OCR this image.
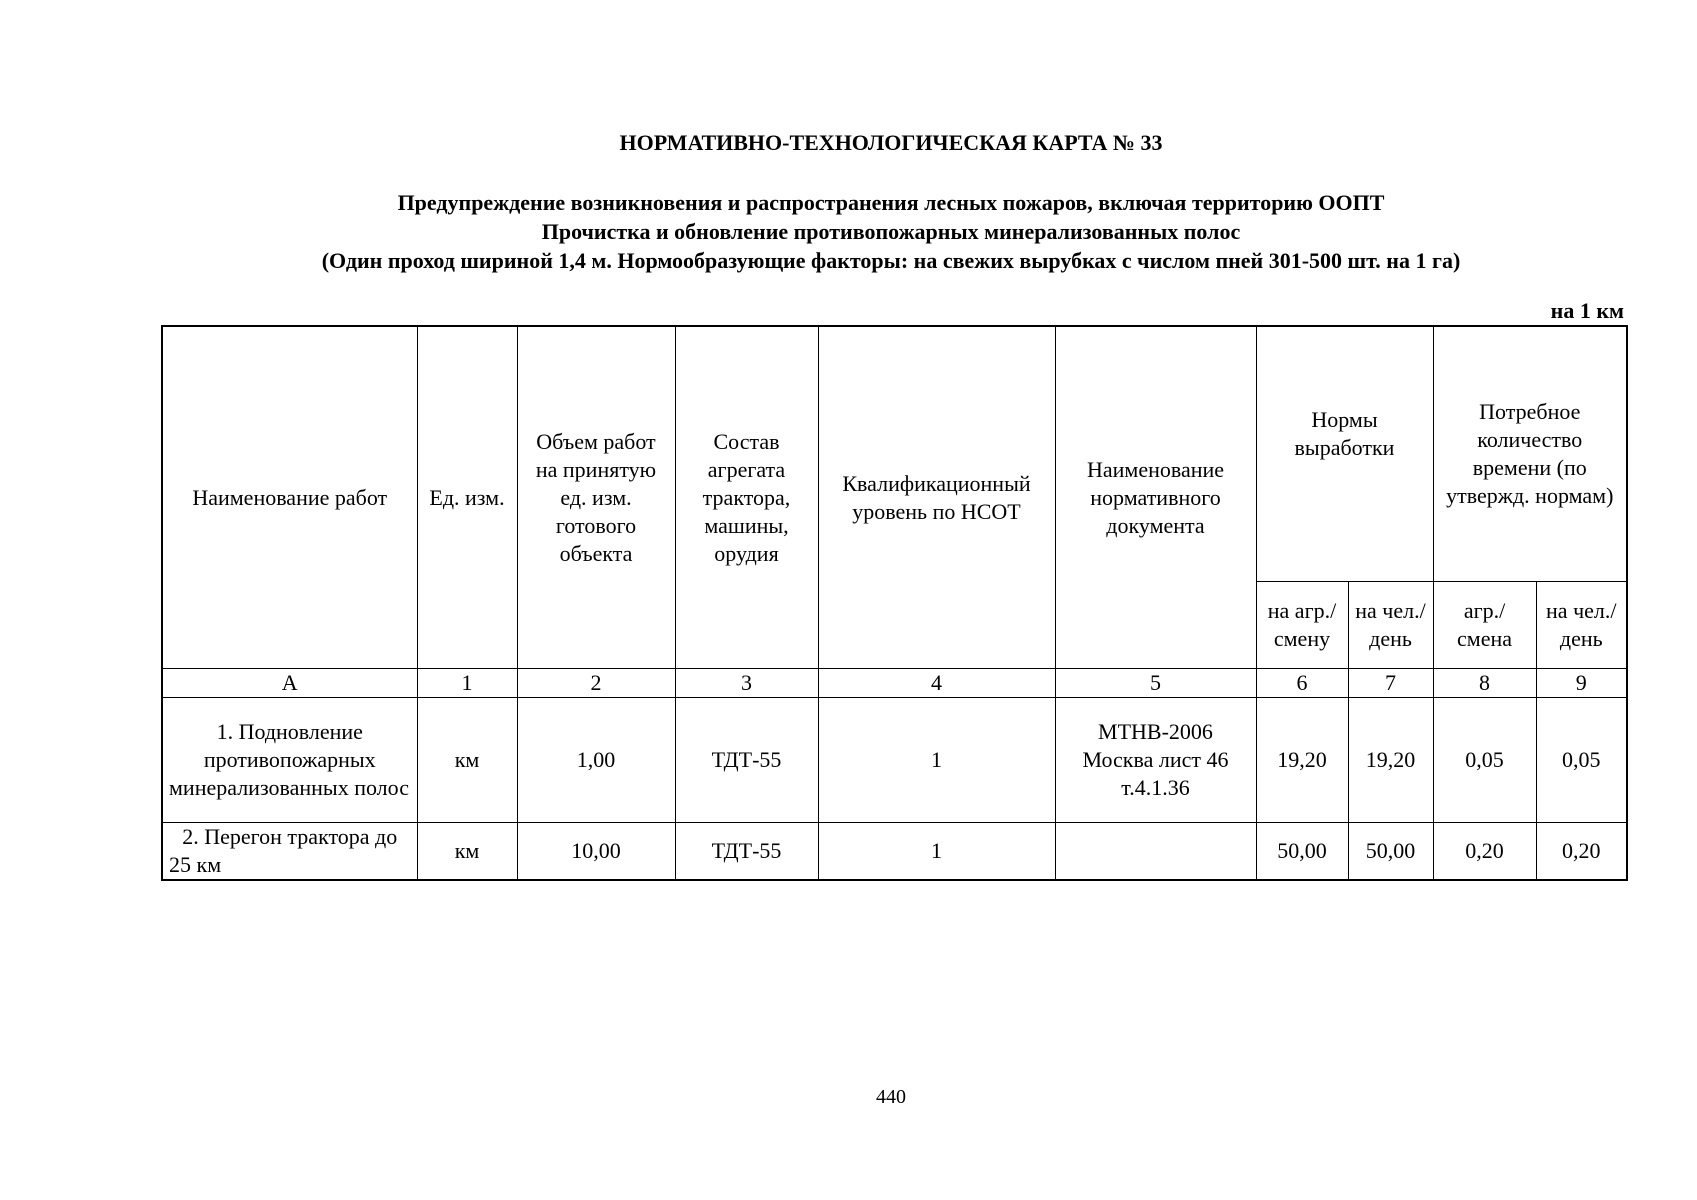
НОРМАТИВНО-ТЕХНОЛОГИЧЕСКАЯ КАРТА № 33
Предупреждение возникновения и распространения лесных пожаров, включая территорию ООПТ
Прочистка и обновление противопожарных минерализованных полос
(Один проход шириной 1,4 м. Нормообразующие факторы: на свежих вырубках с числом пней 301-500 шт. на 1 га)
на 1 км
Наименование работ	Ед. изм.	Объем работ на принятую ед. изм. готового объекта	Состав агрегата трактора, машины, орудия	Квалификационный уровень по НСОТ	Наименование нормативного документа	Нормы выработки		Потребное количество времени (по утвержд. нормам)	
						на агр./ смену	на чел./ день	агр./ смена	на чел./ день
А	1	2	3	4	5	6	7	8	9
1. Подновление противопожарных минерализованных полос	км	1,00	ТДТ-55	1	МТНВ-2006 Москва лист 46 т.4.1.36	19,20	19,20	0,05	0,05
2. Перегон трактора до 25 км	км	10,00	ТДТ-55	1		50,00	50,00	0,20	0,20
440
